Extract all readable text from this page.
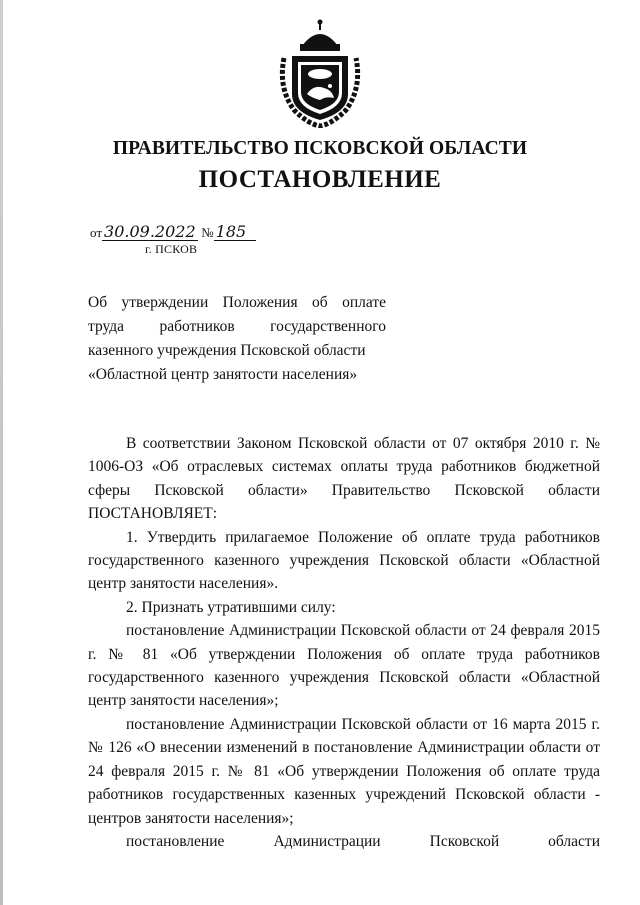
ПРАВИТЕЛЬСТВО ПСКОВСКОЙ ОБЛАСТИ
ПОСТАНОВЛЕНИЕ
от 30.09.2022 № 185
г. ПСКОВ
Об утверждении Положения об оплате
труда работников государственного
казенного учреждения Псковской области
«Областной центр занятости населения»
В соответствии Законом Псковской области от 07 октября 2010 г. № 1006-ОЗ «Об отраслевых системах оплаты труда работников бюджетной сферы Псковской области» Правительство Псковской области ПОСТАНОВЛЯЕТ:
1. Утвердить прилагаемое Положение об оплате труда работников государственного казенного учреждения Псковской области «Областной центр занятости населения».
2. Признать утратившими силу:
постановление Администрации Псковской области от 24 февраля 2015 г. № 81 «Об утверждении Положения об оплате труда работников государственного казенного учреждения Псковской области «Областной центр занятости населения»;
постановление Администрации Псковской области от 16 марта 2015 г. № 126 «О внесении изменений в постановление Администрации области от 24 февраля 2015 г. № 81 «Об утверждении Положения об оплате труда работников государственных казенных учреждений Псковской области - центров занятости населения»;
постановление Администрации Псковской области
